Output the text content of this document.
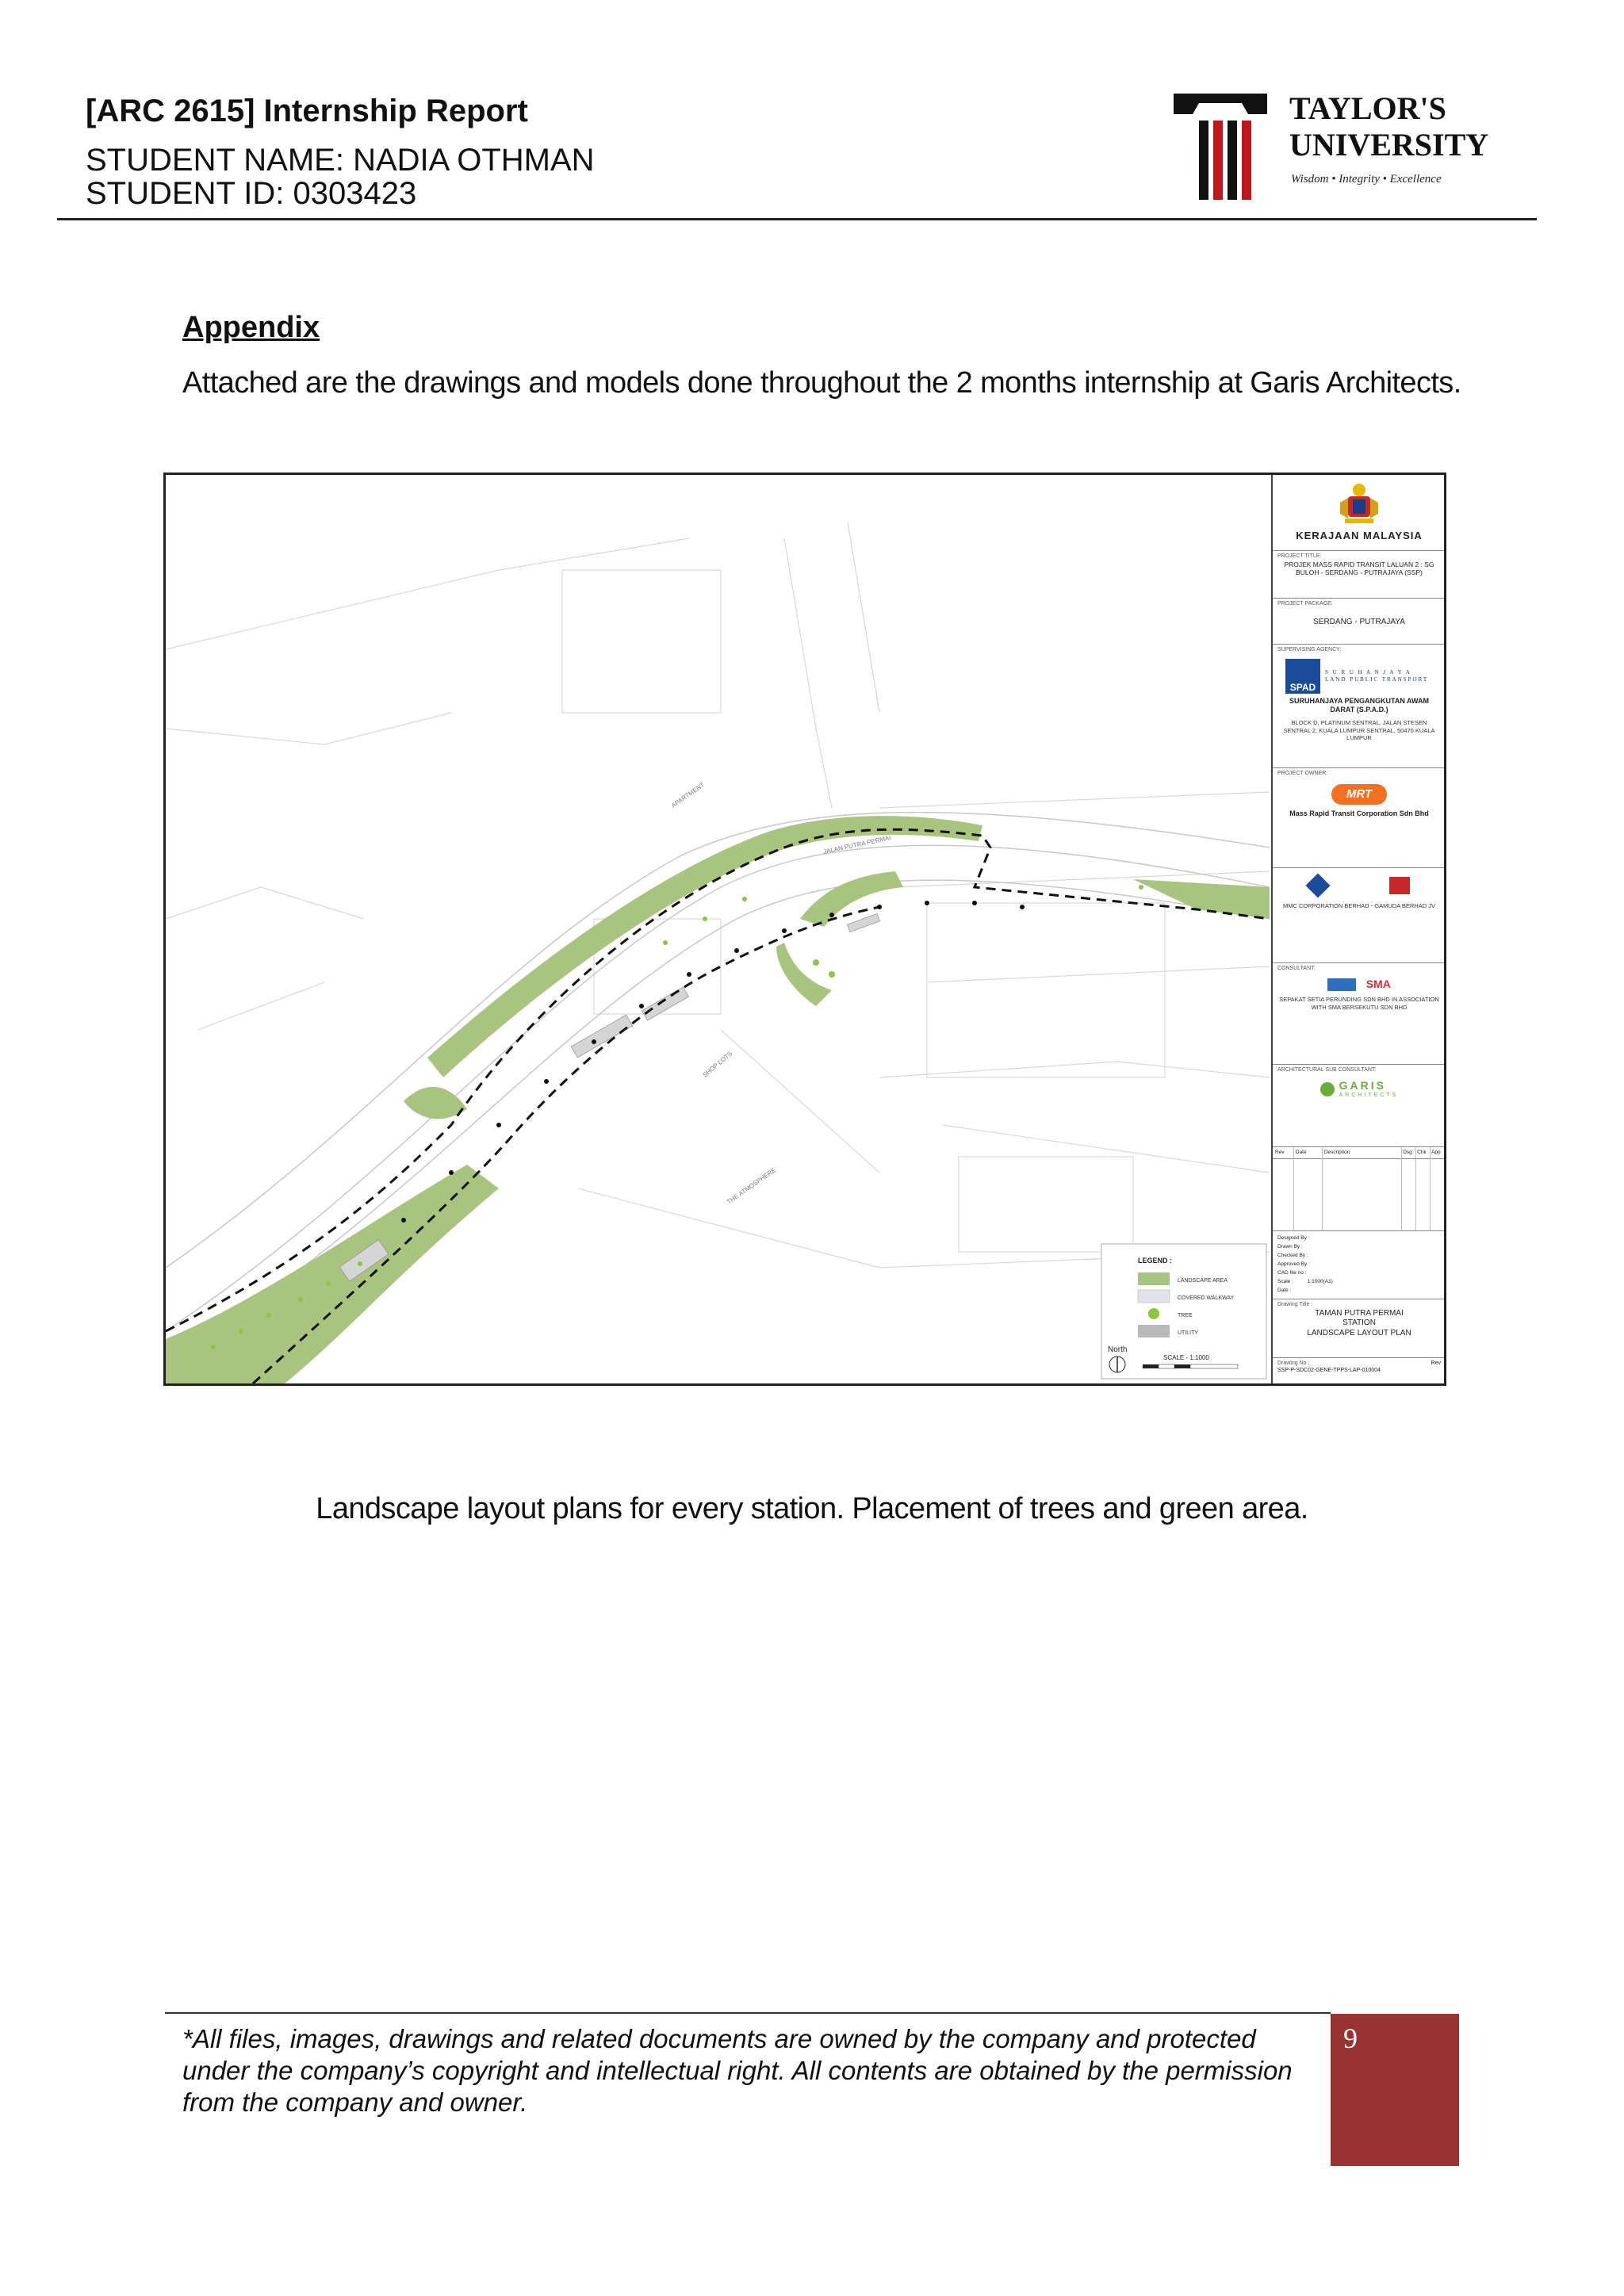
[ARC 2615] Internship Report
STUDENT NAME: NADIA OTHMAN
STUDENT ID: 0303423
TAYLOR'S
UNIVERSITY
Wisdom • Integrity • Excellence
Appendix
Attached are the drawings and models done throughout the 2 months internship at Garis Architects.
JALAN PUTRA PERMAI
APARTMENT
SHOP LOTS
THE ATMOSPHERE
LEGEND :
LANDSCAPE AREA
COVERED WALKWAY
TREE
UTILITY
North
SCALE - 1:1000
KERAJAAN MALAYSIA
PROJECT TITLE:
PROJEK MASS RAPID TRANSIT LALUAN 2 : SG BULOH - SERDANG - PUTRAJAYA (SSP)
PROJECT PACKAGE:
SERDANG - PUTRAJAYA
SUPERVISING AGENCY:
SPAD
S U R U H A N J A Y A
LAND PUBLIC TRANSPORT
SURUHANJAYA PENGANGKUTAN AWAM DARAT (S.P.A.D.)
BLOCK D, PLATINUM SENTRAL, JALAN STESEN SENTRAL 2, KUALA LUMPUR SENTRAL, 50470 KUALA LUMPUR
PROJECT OWNER:
MRT
Mass Rapid Transit Corporation Sdn Bhd
MMC CORPORATION BERHAD - GAMUDA BERHAD JV
CONSULTANT:
SMA
SEPAKAT SETIA PERUNDING SDN BHD IN ASSOCIATION WITH SMA BERSEKUTU SDN BHD
ARCHITECTURAL SUB CONSULTANT:
GARIS
ARCHITECTS
Rev	Date	Description	Dsg Chk App
Designed By :
Drawn By :
Checked By :
Approved By :
CAD file no :
Scale :	1:1000(A1)
Date :
Drawing Title :
TAMAN PUTRA PERMAI
STATION
LANDSCAPE LAYOUT PLAN
Drawing No :
SSP-P-SDC02-GENE-TPPS-LAP-010004
Rev
Landscape layout plans for every station. Placement of trees and green area.
*All files, images, drawings and related documents are owned by the company and protected under the company’s copyright and intellectual right. All contents are obtained by the permission from the company and owner.
9
